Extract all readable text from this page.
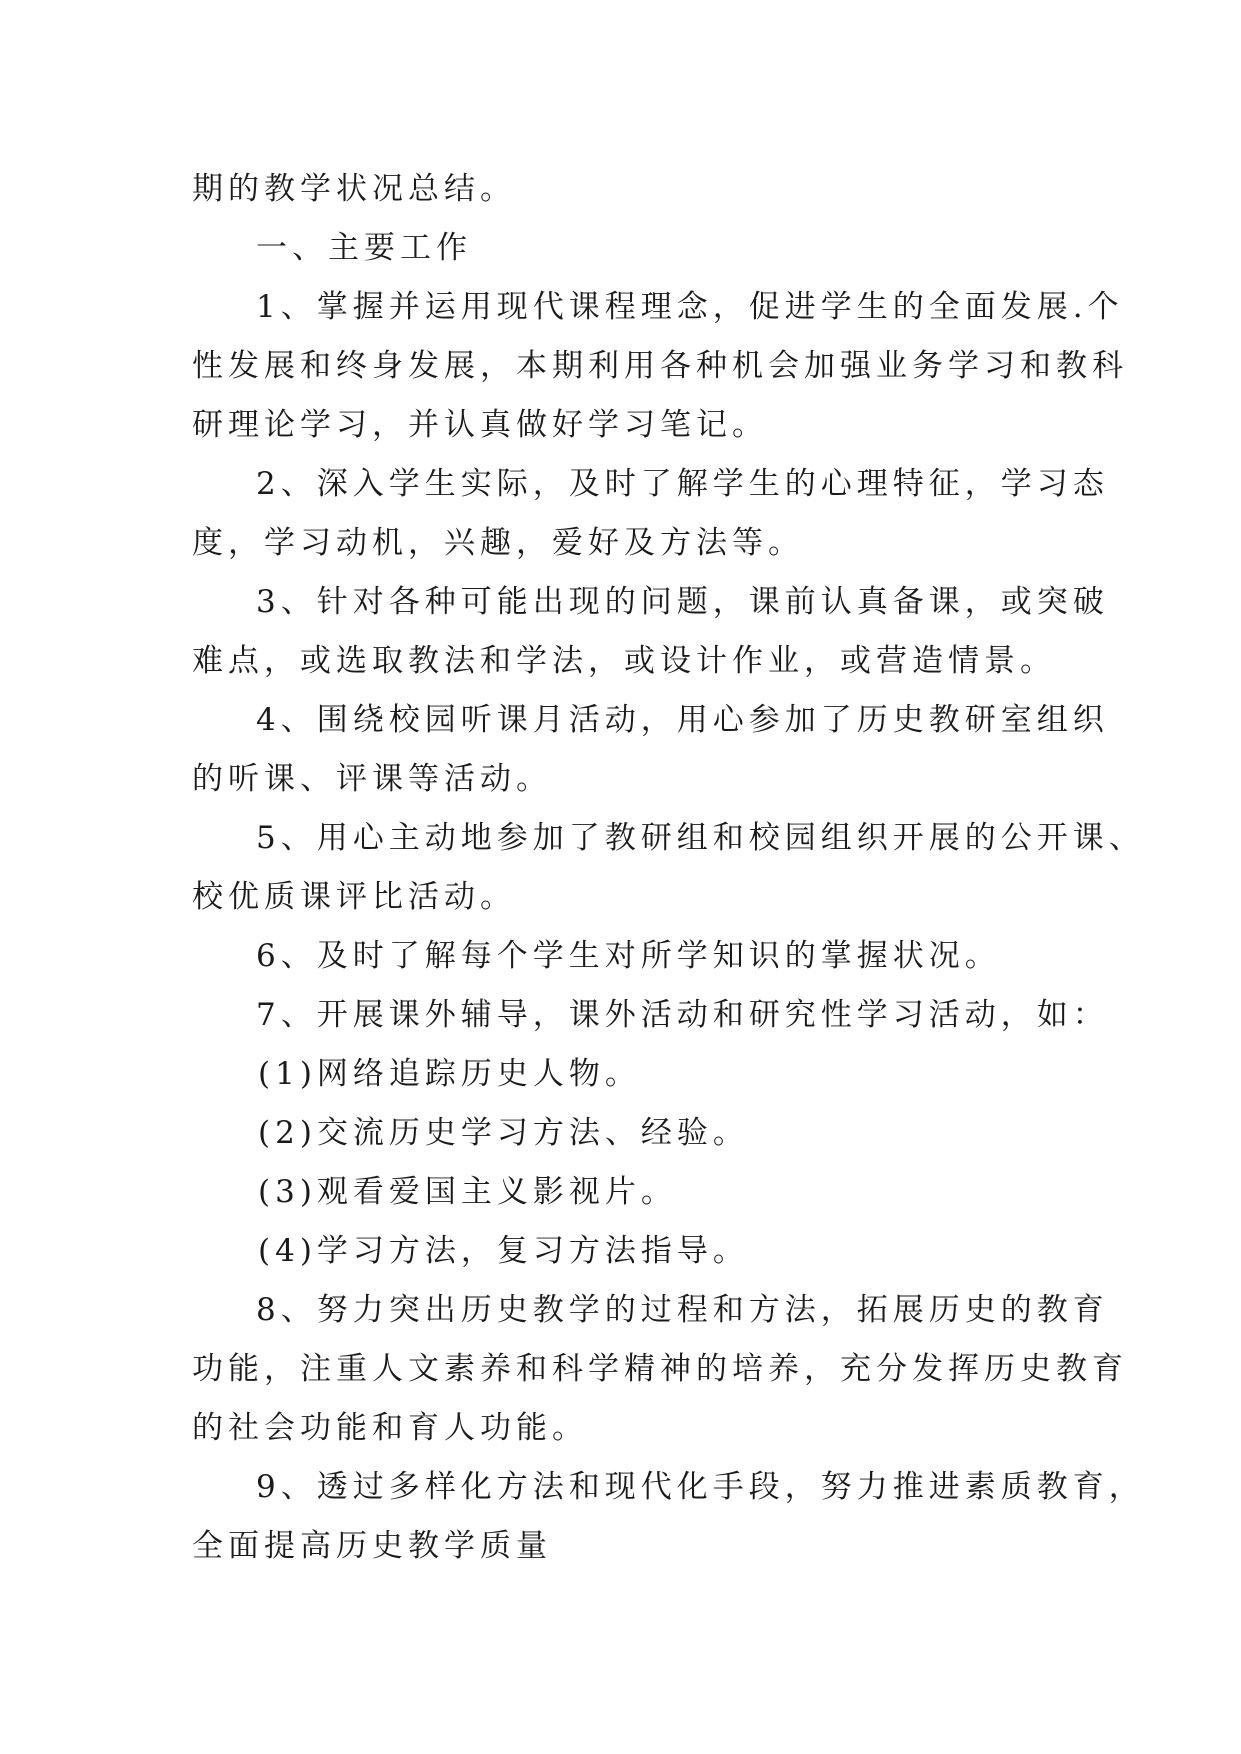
期的教学状况总结。
一、主要工作
1、掌握并运用现代课程理念，促进学生的全面发展.个
性发展和终身发展，本期利用各种机会加强业务学习和教科
研理论学习，并认真做好学习笔记。
2、深入学生实际，及时了解学生的心理特征，学习态
度，学习动机，兴趣，爱好及方法等。
3、针对各种可能出现的问题，课前认真备课，或突破
难点，或选取教法和学法，或设计作业，或营造情景。
4、围绕校园听课月活动，用心参加了历史教研室组织
的听课、评课等活动。
5、用心主动地参加了教研组和校园组织开展的公开课、
校优质课评比活动。
6、及时了解每个学生对所学知识的掌握状况。
7、开展课外辅导，课外活动和研究性学习活动，如：
(1)网络追踪历史人物。
(2)交流历史学习方法、经验。
(3)观看爱国主义影视片。
(4)学习方法，复习方法指导。
8、努力突出历史教学的过程和方法，拓展历史的教育
功能，注重人文素养和科学精神的培养，充分发挥历史教育
的社会功能和育人功能。
9、透过多样化方法和现代化手段，努力推进素质教育，
全面提高历史教学质量
